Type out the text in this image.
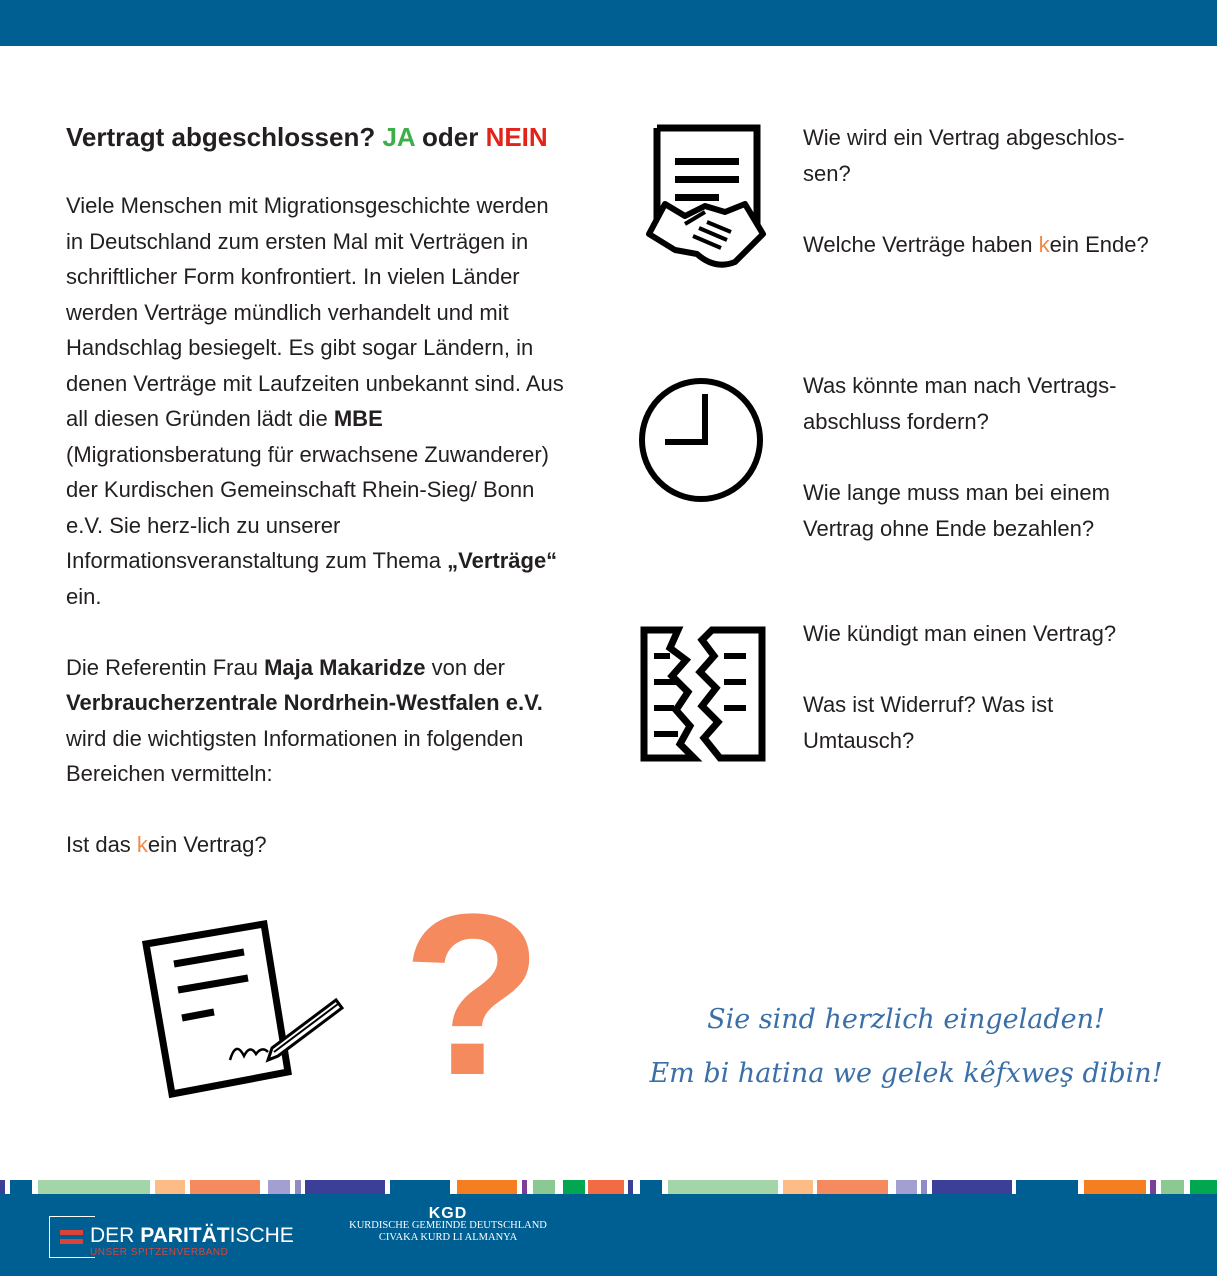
Vertragt abgeschlossen? JA oder NEIN

Viele Menschen mit Migrationsgeschichte werden in Deutschland zum ersten Mal mit Verträgen in schriftlicher Form konfrontiert. In vielen Länder werden Verträge mündlich verhandelt und mit Handschlag besiegelt. Es gibt sogar Ländern, in denen Verträge mit Laufzeiten unbekannt sind. Aus all diesen Gründen lädt die MBE (Migrationsberatung für erwachsene Zuwanderer) der Kurdischen Gemeinschaft Rhein-Sieg/ Bonn e.V. Sie herz-lich zu unserer Informationsveranstaltung zum Thema „Verträge“ ein.

Die Referentin Frau Maja Makaridze von der Verbraucherzentrale Nordrhein-Westfalen e.V. wird die wichtigsten Informationen in folgenden Bereichen vermitteln:

Ist das kein Vertrag?

Wie wird ein Vertrag abgeschlos-sen?
Welche Verträge haben kein Ende?
Was könnte man nach Vertrags-abschluss fordern?
Wie lange muss man bei einem Vertrag ohne Ende bezahlen?
Wie kündigt man einen Vertrag?
Was ist Widerruf? Was ist Umtausch?
?	Sie sind herzlich eingeladen!
Em bi hatina we gelek kêfxweş dibin!
DER PARITÄTISCHE
UNSER SPITZENVERBAND
KGD
KURDISCHE GEMEINDE DEUTSCHLAND
CIVAKA KURD LI ALMANYA
